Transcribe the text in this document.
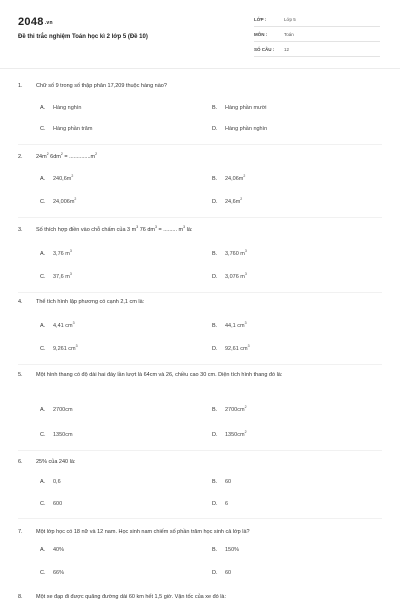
2048.vn
Đề thi trắc nghiệm Toán học kì 2 lớp 5 (Đề 10)
LỚP :	Lớp 5
MÔN :	Toán
SỐ CÂU : 12
1. Chữ số 9 trong số thập phân 17,209 thuộc hàng nào?
A. Hàng nghìn	B. Hàng phần mười
C. Hàng phần trăm	D. Hàng phần nghìn
2. $24m^2$ $6dm^2 = ..............m^2$
A. $240,6m^2$	B. $24,06m^2$
C. $24,006m^2$	D. $24,6m^2$
3. Số thích hợp điền vào chỗ chấm của 3 $m^3$ 76 $dm^3$ = ......... $m^3$ là:
A. 3,76 $m^3$	B. 3,760 $m^3$
C. 37,6 $m^3$	D. 3,076 $m^3$
4. Thể tích hình lập phương có cạnh 2,1 cm là:
A. 4,41 $cm^3$	B. 44,1 $cm^3$
C. 9,261 $cm^3$	D. 92,61 $cm^3$
5. Một hình thang có độ dài hai đáy lần lượt là 64cm và 26, chiều cao 30 cm. Diện tích hình thang đó là:
A. 2700cm	B. $2700cm^2$
C. 1350cm	D. $1350cm^2$
6. 25% của 240 là:
A. 0,6	B. 60
C. 600	D. 6
7. Một lớp học có 18 nữ và 12 nam. Học sinh nam chiếm số phần trăm học sinh cả lớp là?
A. 40%	B. 150%
C. 66%	D. 60
8. Một xe đạp đi được quãng đường dài 60 km hết 1,5 giờ. Vận tốc của xe đó là:
